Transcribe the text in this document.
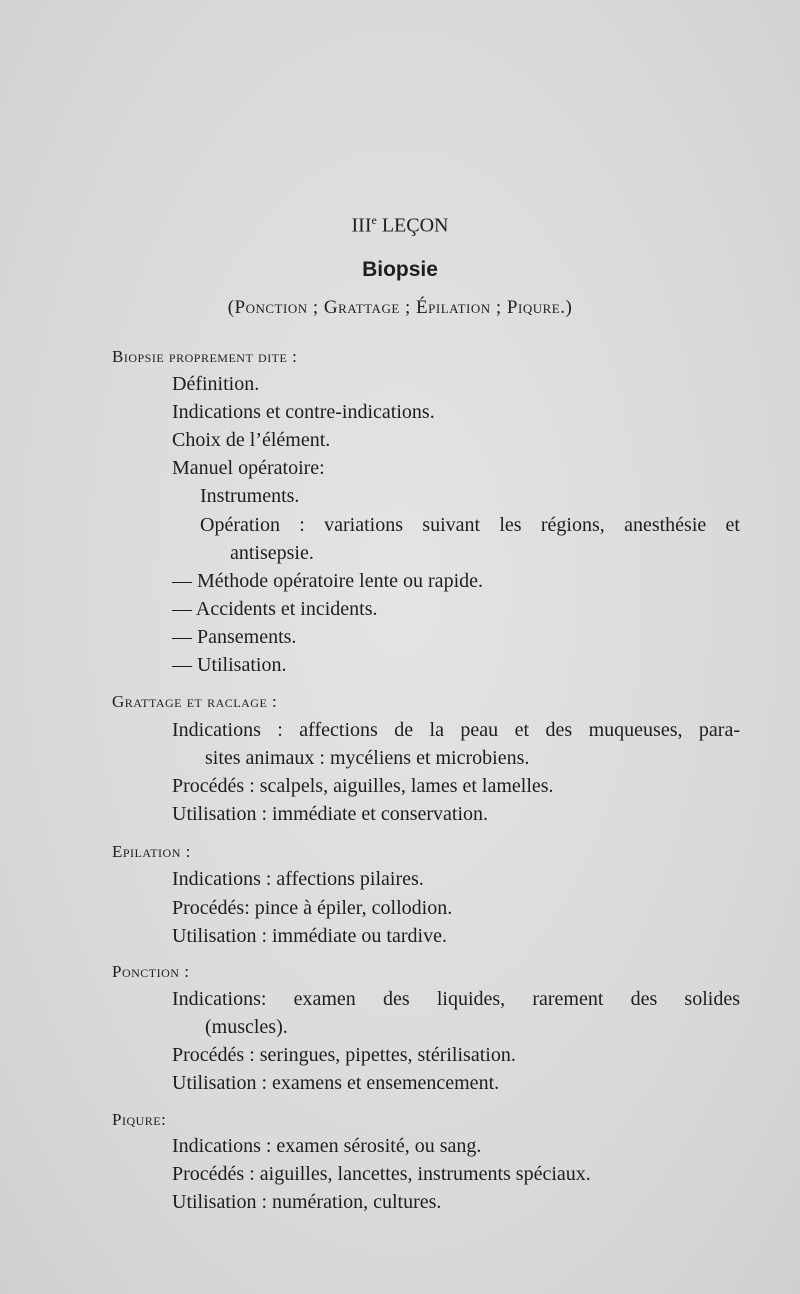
IIIe LEÇON
Biopsie
(Ponction ; Grattage ; Épilation ; Piqure.)
Biopsie proprement dite :
Définition.
Indications et contre-indications.
Choix de l’élément.
Manuel opératoire:
Instruments.
Opération : variations suivant les régions, anesthésie et
antisepsie.
— Méthode opératoire lente ou rapide.
— Accidents et incidents.
— Pansements.
— Utilisation.
Grattage et raclage :
Indications : affections de la peau et des muqueuses, para-
sites animaux : mycéliens et microbiens.
Procédés : scalpels, aiguilles, lames et lamelles.
Utilisation : immédiate et conservation.
Epilation :
Indications : affections pilaires.
Procédés: pince à épiler, collodion.
Utilisation : immédiate ou tardive.
Ponction :
Indications: examen des liquides, rarement des solides
(muscles).
Procédés : seringues, pipettes, stérilisation.
Utilisation : examens et ensemencement.
Piqure:
Indications : examen sérosité, ou sang.
Procédés : aiguilles, lancettes, instruments spéciaux.
Utilisation : numération, cultures.
